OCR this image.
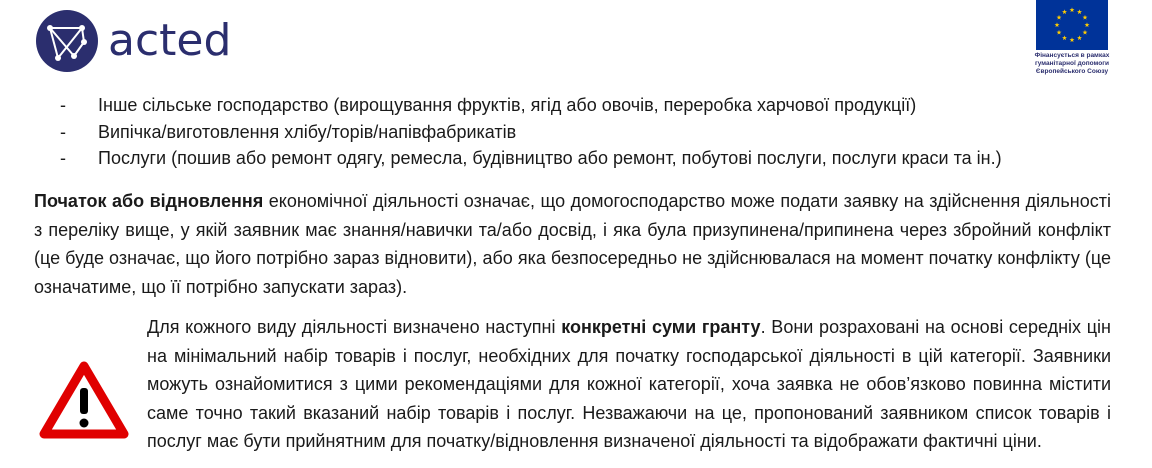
acted	Фінансується в рамках
гуманітарної допомоги
Європейського Союзу
- Інше сільське господарство (вирощування фруктів, ягід або овочів, переробка харчової продукції)
- Випічка/виготовлення хлібу/торів/напівфабрикатів
- Послуги (пошив або ремонт одягу, ремесла, будівництво або ремонт, побутові послуги, послуги краси та ін.)

Початок або відновлення економічної діяльності означає, що домогосподарство може подати заявку на здійснення діяльності з переліку вище, у якій заявник має знання/навички та/або досвід, і яка була призупинена/припинена через збройний конфлікт (це буде означає, що його потрібно зараз відновити), або яка безпосередньо не здійснювалася на момент початку конфлікту (це означатиме, що її потрібно запускати зараз).

Для кожного виду діяльності визначено наступні конкретні суми гранту. Вони розраховані на основі середніх цін на мінімальний набір товарів і послуг, необхідних для початку господарської діяльності в цій категорії. Заявники можуть ознайомитися з цими рекомендаціями для кожної категорії, хоча заявка не обов’язково повинна містити саме точно такий вказаний набір товарів і послуг. Незважаючи на це, пропонований заявником список товарів і послуг має бути прийнятним для початку/відновлення визначеної діяльності та відображати фактичні ціни.
